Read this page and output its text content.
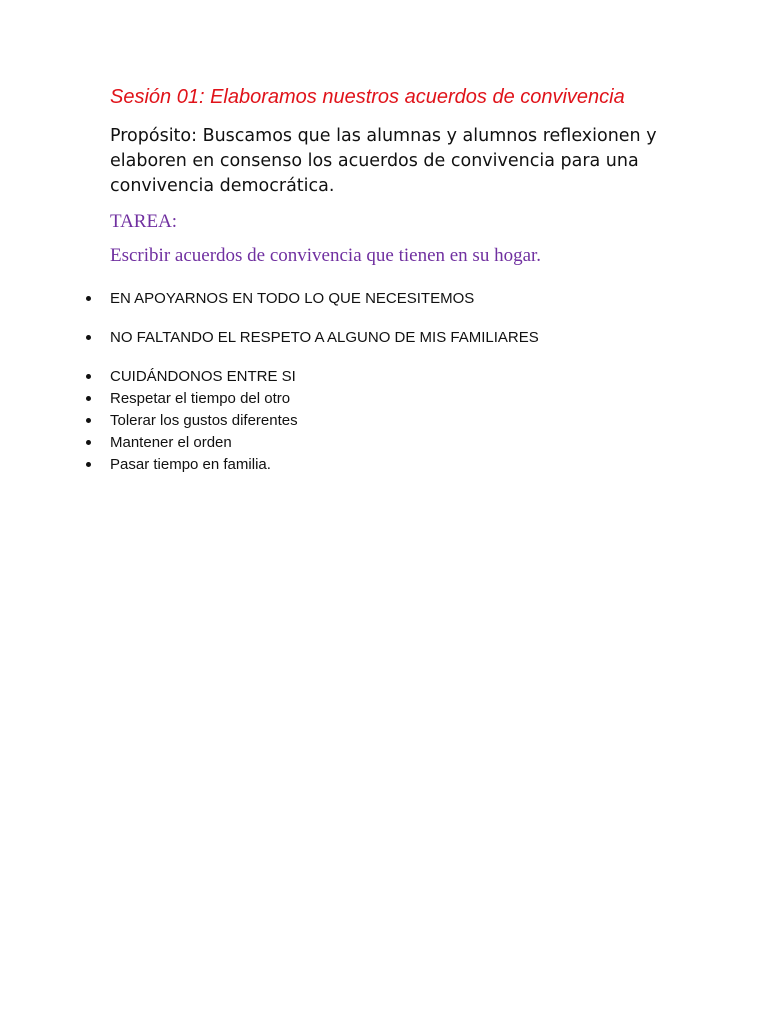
Sesión 01: Elaboramos nuestros acuerdos de convivencia

Propósito: Buscamos que las alumnas y alumnos reflexionen y elaboren en consenso los acuerdos de convivencia para una convivencia democrática.

TAREA:

Escribir acuerdos de convivencia que tienen en su hogar.

EN APOYARNOS EN TODO LO QUE NECESITEMOS
NO FALTANDO EL RESPETO A ALGUNO DE MIS FAMILIARES
CUIDÁNDONOS ENTRE SI
Respetar el tiempo del otro
Tolerar los gustos diferentes
Mantener el orden
Pasar tiempo en familia.
